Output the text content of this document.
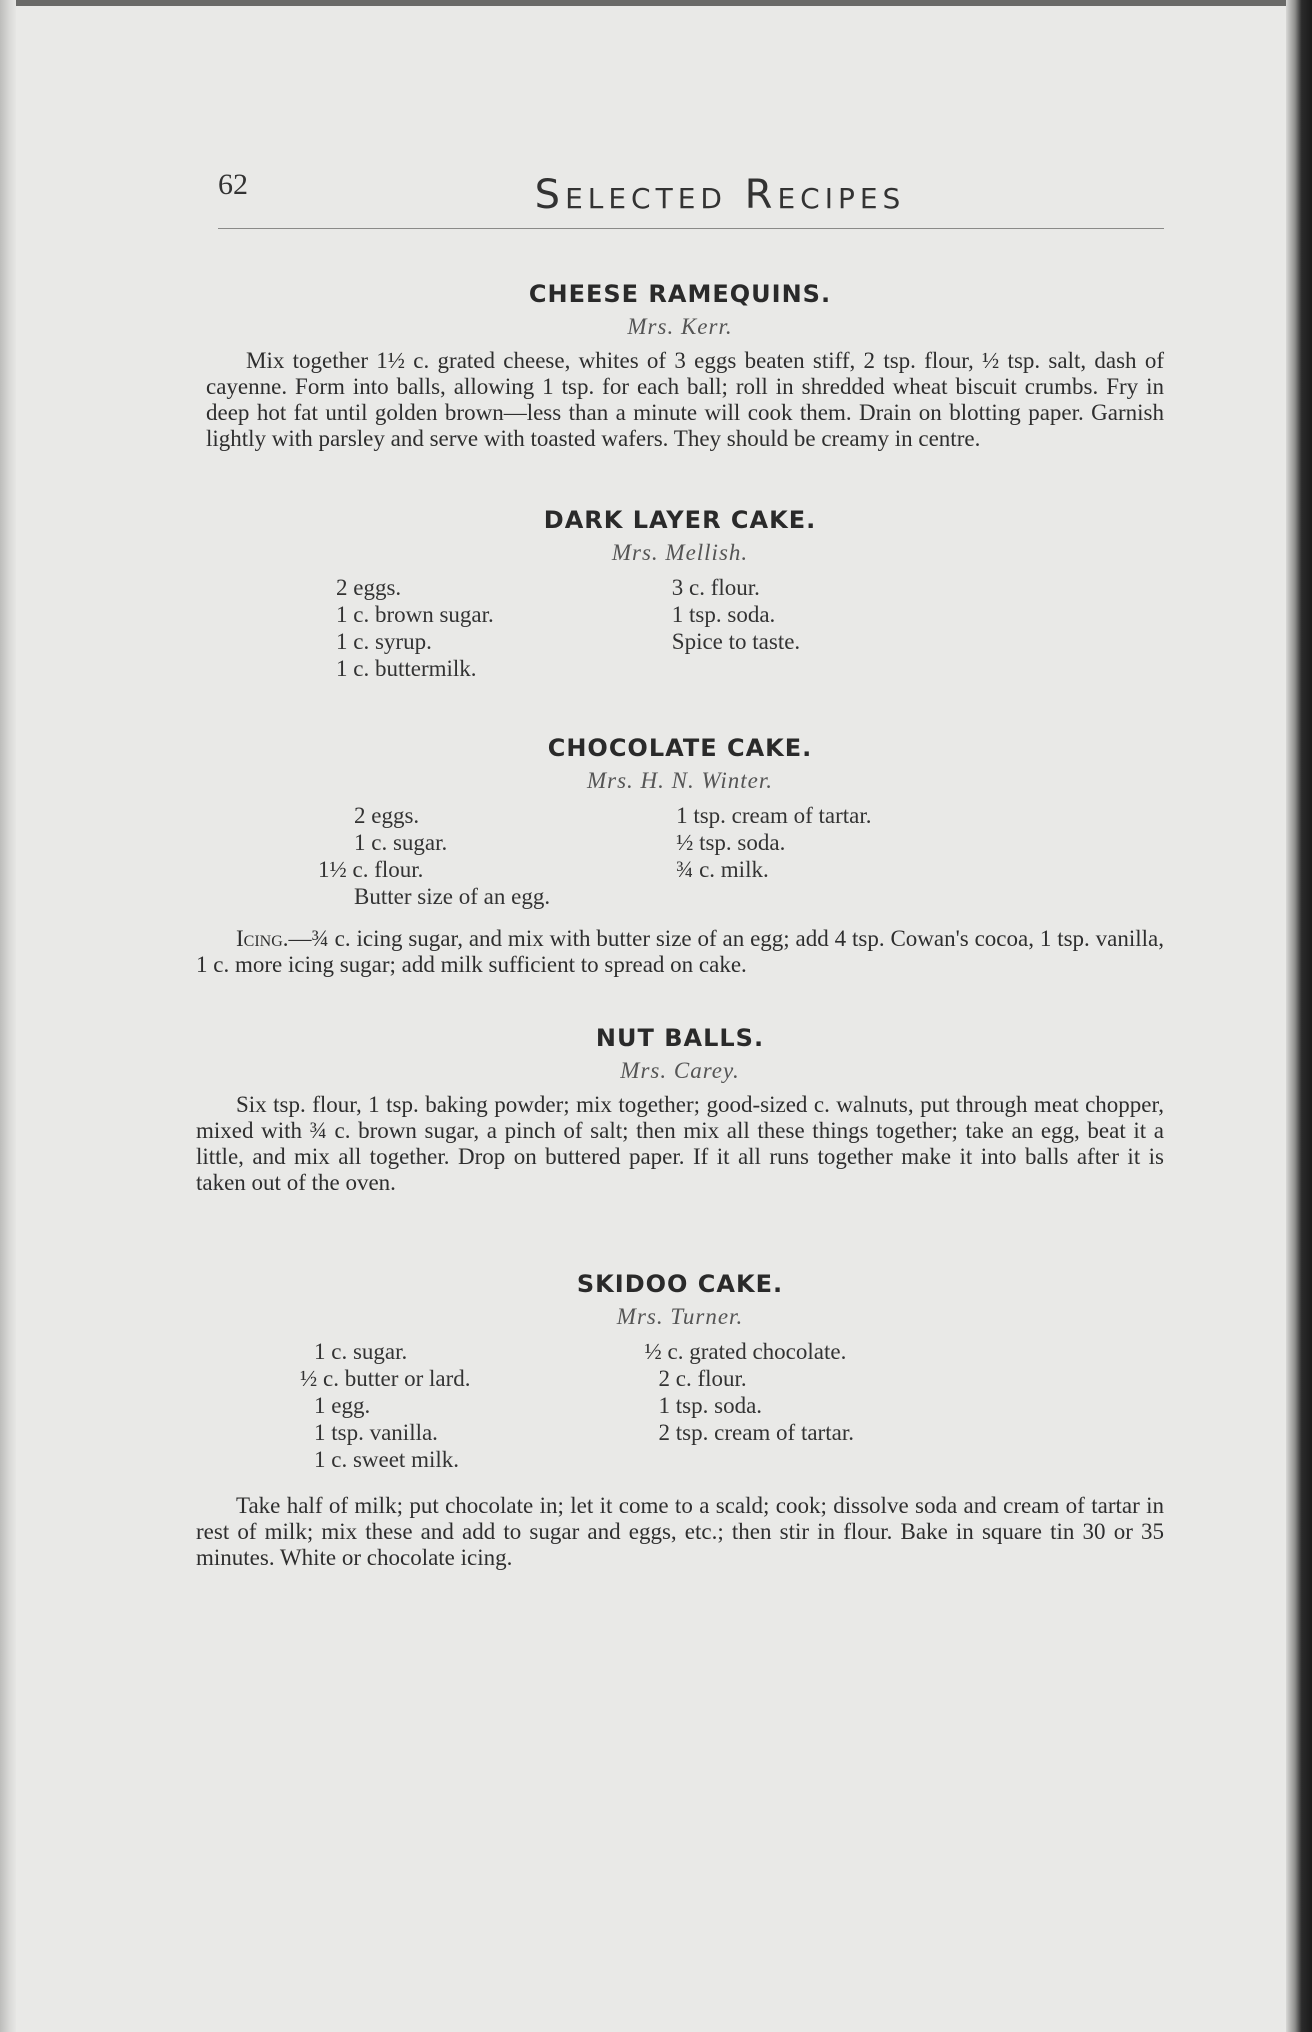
62	Selected Recipes
CHEESE RAMEQUINS.
Mrs. Kerr.

Mix together 1½ c. grated cheese, whites of 3 eggs beaten stiff, 2 tsp. flour, ½ tsp. salt, dash of cayenne. Form into balls, allowing 1 tsp. for each ball; roll in shredded wheat biscuit crumbs. Fry in deep hot fat until golden brown—less than a minute will cook them. Drain on blotting paper. Garnish lightly with parsley and serve with toasted wafers. They should be creamy in centre.

DARK LAYER CAKE.
Mrs. Mellish.
2 eggs.
1 c. brown sugar.
1 c. syrup.
1 c. buttermilk.
3 c. flour.
1 tsp. soda.
Spice to taste.
CHOCOLATE CAKE.
Mrs. H. N. Winter.
2 eggs.
1 c. sugar.
1½ c. flour.
Butter size of an egg.
1 tsp. cream of tartar.
½ tsp. soda.
¾ c. milk.

Icing.—¾ c. icing sugar, and mix with butter size of an egg; add 4 tsp. Cowan's cocoa, 1 tsp. vanilla, 1 c. more icing sugar; add milk sufficient to spread on cake.

NUT BALLS.
Mrs. Carey.

Six tsp. flour, 1 tsp. baking powder; mix together; good-sized c. walnuts, put through meat chopper, mixed with ¾ c. brown sugar, a pinch of salt; then mix all these things together; take an egg, beat it a little, and mix all together. Drop on buttered paper. If it all runs together make it into balls after it is taken out of the oven.

SKIDOO CAKE.
Mrs. Turner.
1 c. sugar.
½ c. butter or lard.
1 egg.
1 tsp. vanilla.
1 c. sweet milk.
½ c. grated chocolate.
2 c. flour.
1 tsp. soda.
2 tsp. cream of tartar.

Take half of milk; put chocolate in; let it come to a scald; cook; dissolve soda and cream of tartar in rest of milk; mix these and add to sugar and eggs, etc.; then stir in flour. Bake in square tin 30 or 35 minutes. White or chocolate icing.
